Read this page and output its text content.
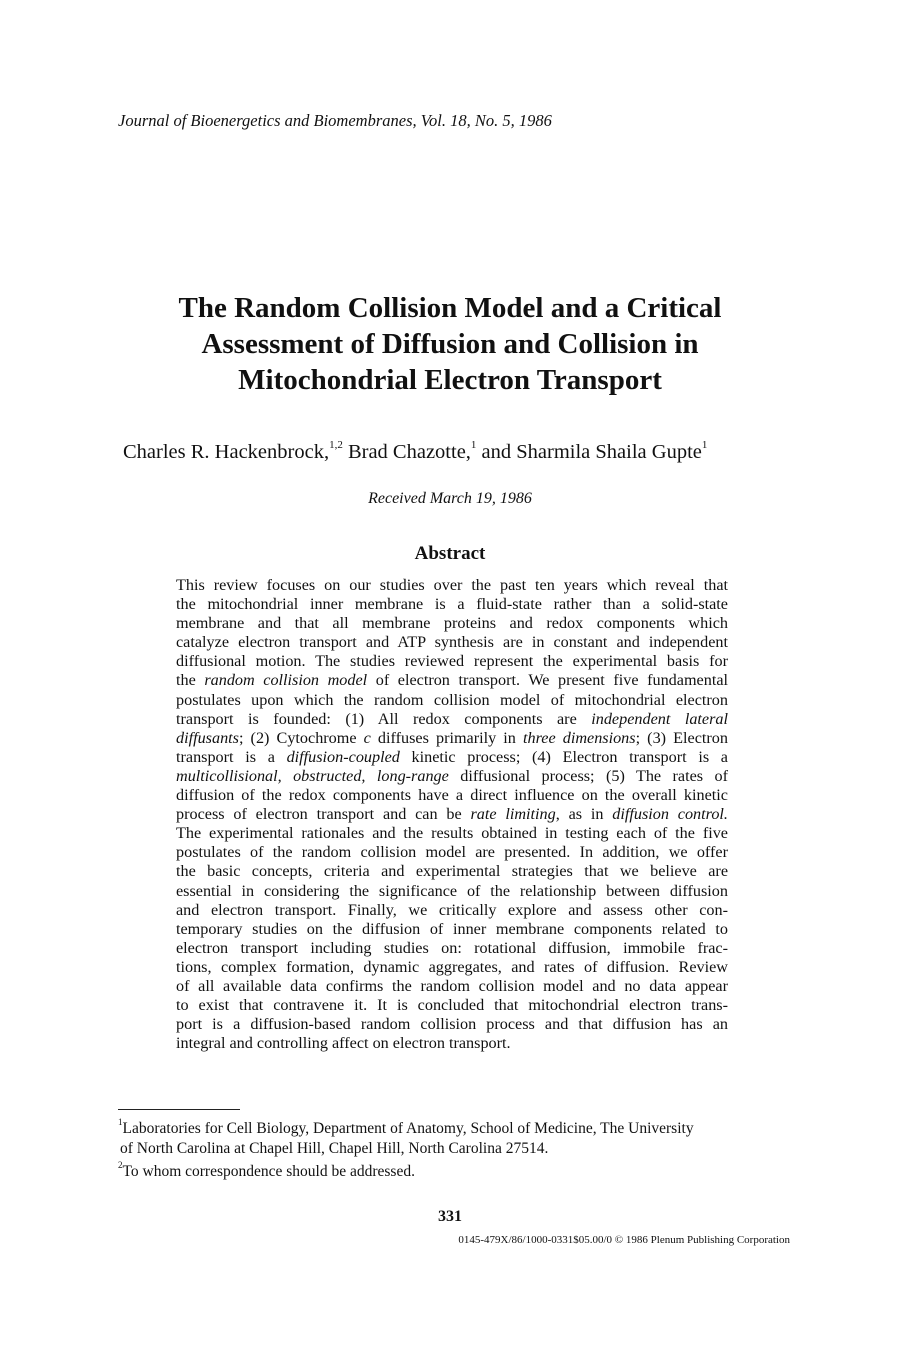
Journal of Bioenergetics and Biomembranes, Vol. 18, No. 5, 1986
The Random Collision Model and a Critical
Assessment of Diffusion and Collision in
Mitochondrial Electron Transport
Charles R. Hackenbrock,$^{1,2}$ Brad Chazotte,$^1$ and Sharmila Shaila Gupte$^1$
Received March 19, 1986
Abstract
This review focuses on our studies over the past ten years which reveal that
the mitochondrial inner membrane is a fluid-state rather than a solid-state
membrane and that all membrane proteins and redox components which
catalyze electron transport and ATP synthesis are in constant and independent
diffusional motion. The studies reviewed represent the experimental basis for
the random collision model of electron transport. We present five fundamental
postulates upon which the random collision model of mitochondrial electron
transport is founded: (1) All redox components are independent lateral
diffusants; (2) Cytochrome c diffuses primarily in three dimensions; (3) Electron
transport is a diffusion-coupled kinetic process; (4) Electron transport is a
multicollisional, obstructed, long-range diffusional process; (5) The rates of
diffusion of the redox components have a direct influence on the overall kinetic
process of electron transport and can be rate limiting, as in diffusion control.
The experimental rationales and the results obtained in testing each of the five
postulates of the random collision model are presented. In addition, we offer
the basic concepts, criteria and experimental strategies that we believe are
essential in considering the significance of the relationship between diffusion
and electron transport. Finally, we critically explore and assess other con-
temporary studies on the diffusion of inner membrane components related to
electron transport including studies on: rotational diffusion, immobile frac-
tions, complex formation, dynamic aggregates, and rates of diffusion. Review
of all available data confirms the random collision model and no data appear
to exist that contravene it. It is concluded that mitochondrial electron trans-
port is a diffusion-based random collision process and that diffusion has an
integral and controlling affect on electron transport.
$^1$Laboratories for Cell Biology, Department of Anatomy, School of Medicine, The University
of North Carolina at Chapel Hill, Chapel Hill, North Carolina 27514.
$^2$To whom correspondence should be addressed.
331
0145-479X/86/1000-0331$05.00/0 © 1986 Plenum Publishing Corporation
